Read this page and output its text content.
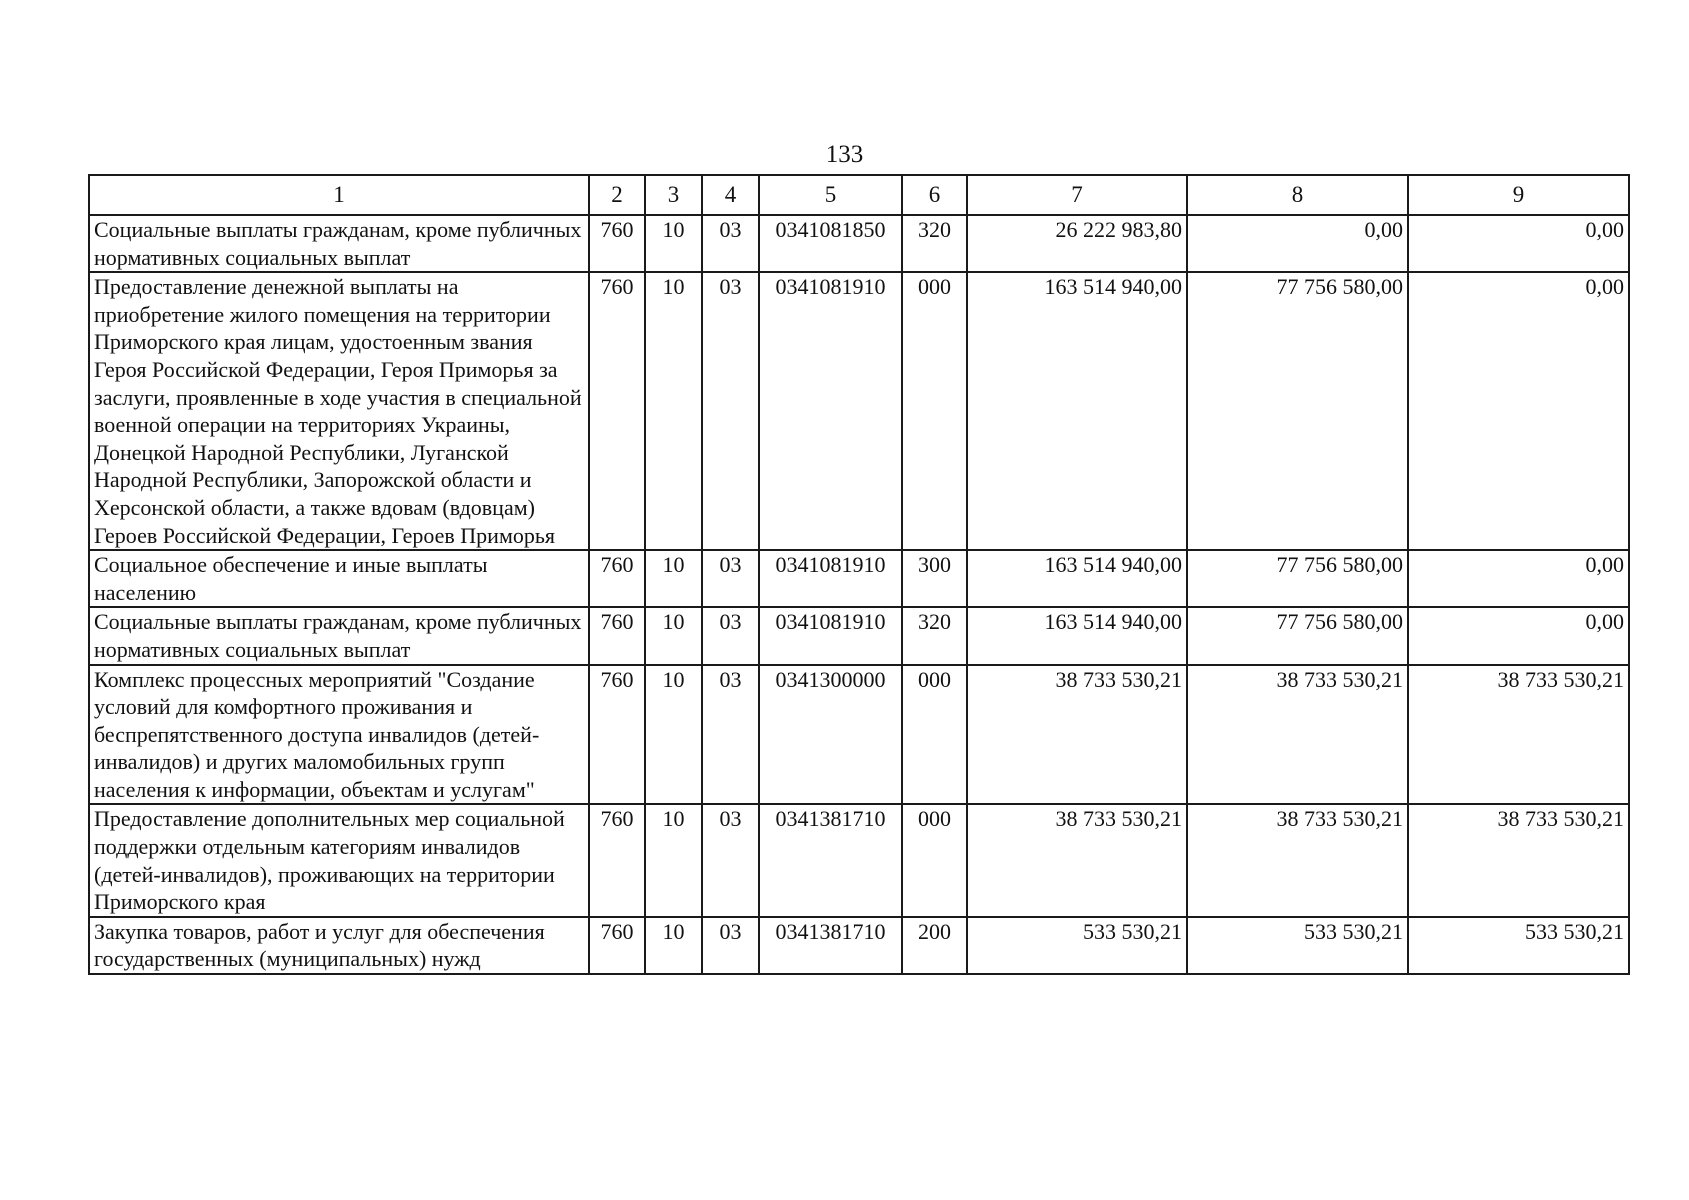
133
1	2	3	4	5	6	7	8	9
Социальные выплаты гражданам, кроме публичных нормативных социальных выплат	760	10	03	0341081850	320	26 222 983,80	0,00	0,00
Предоставление денежной выплаты на приобретение жилого помещения на территории Приморского края лицам, удостоенным звания Героя Российской Федерации, Героя Приморья за заслуги, проявленные в ходе участия в специальной военной операции на территориях Украины, Донецкой Народной Республики, Луганской Народной Республики, Запорожской области и Херсонской области, а также вдовам (вдовцам) Героев Российской Федерации, Героев Приморья	760	10	03	0341081910	000	163 514 940,00	77 756 580,00	0,00
Социальное обеспечение и иные выплаты населению	760	10	03	0341081910	300	163 514 940,00	77 756 580,00	0,00
Социальные выплаты гражданам, кроме публичных нормативных социальных выплат	760	10	03	0341081910	320	163 514 940,00	77 756 580,00	0,00
Комплекс процессных мероприятий "Создание условий для комфортного проживания и беспрепятственного доступа инвалидов (детей-инвалидов) и других маломобильных групп населения к информации, объектам и услугам"	760	10	03	0341300000	000	38 733 530,21	38 733 530,21	38 733 530,21
Предоставление дополнительных мер социальной поддержки отдельным категориям инвалидов (детей-инвалидов), проживающих на территории Приморского края	760	10	03	0341381710	000	38 733 530,21	38 733 530,21	38 733 530,21
Закупка товаров, работ и услуг для обеспечения государственных (муниципальных) нужд	760	10	03	0341381710	200	533 530,21	533 530,21	533 530,21
